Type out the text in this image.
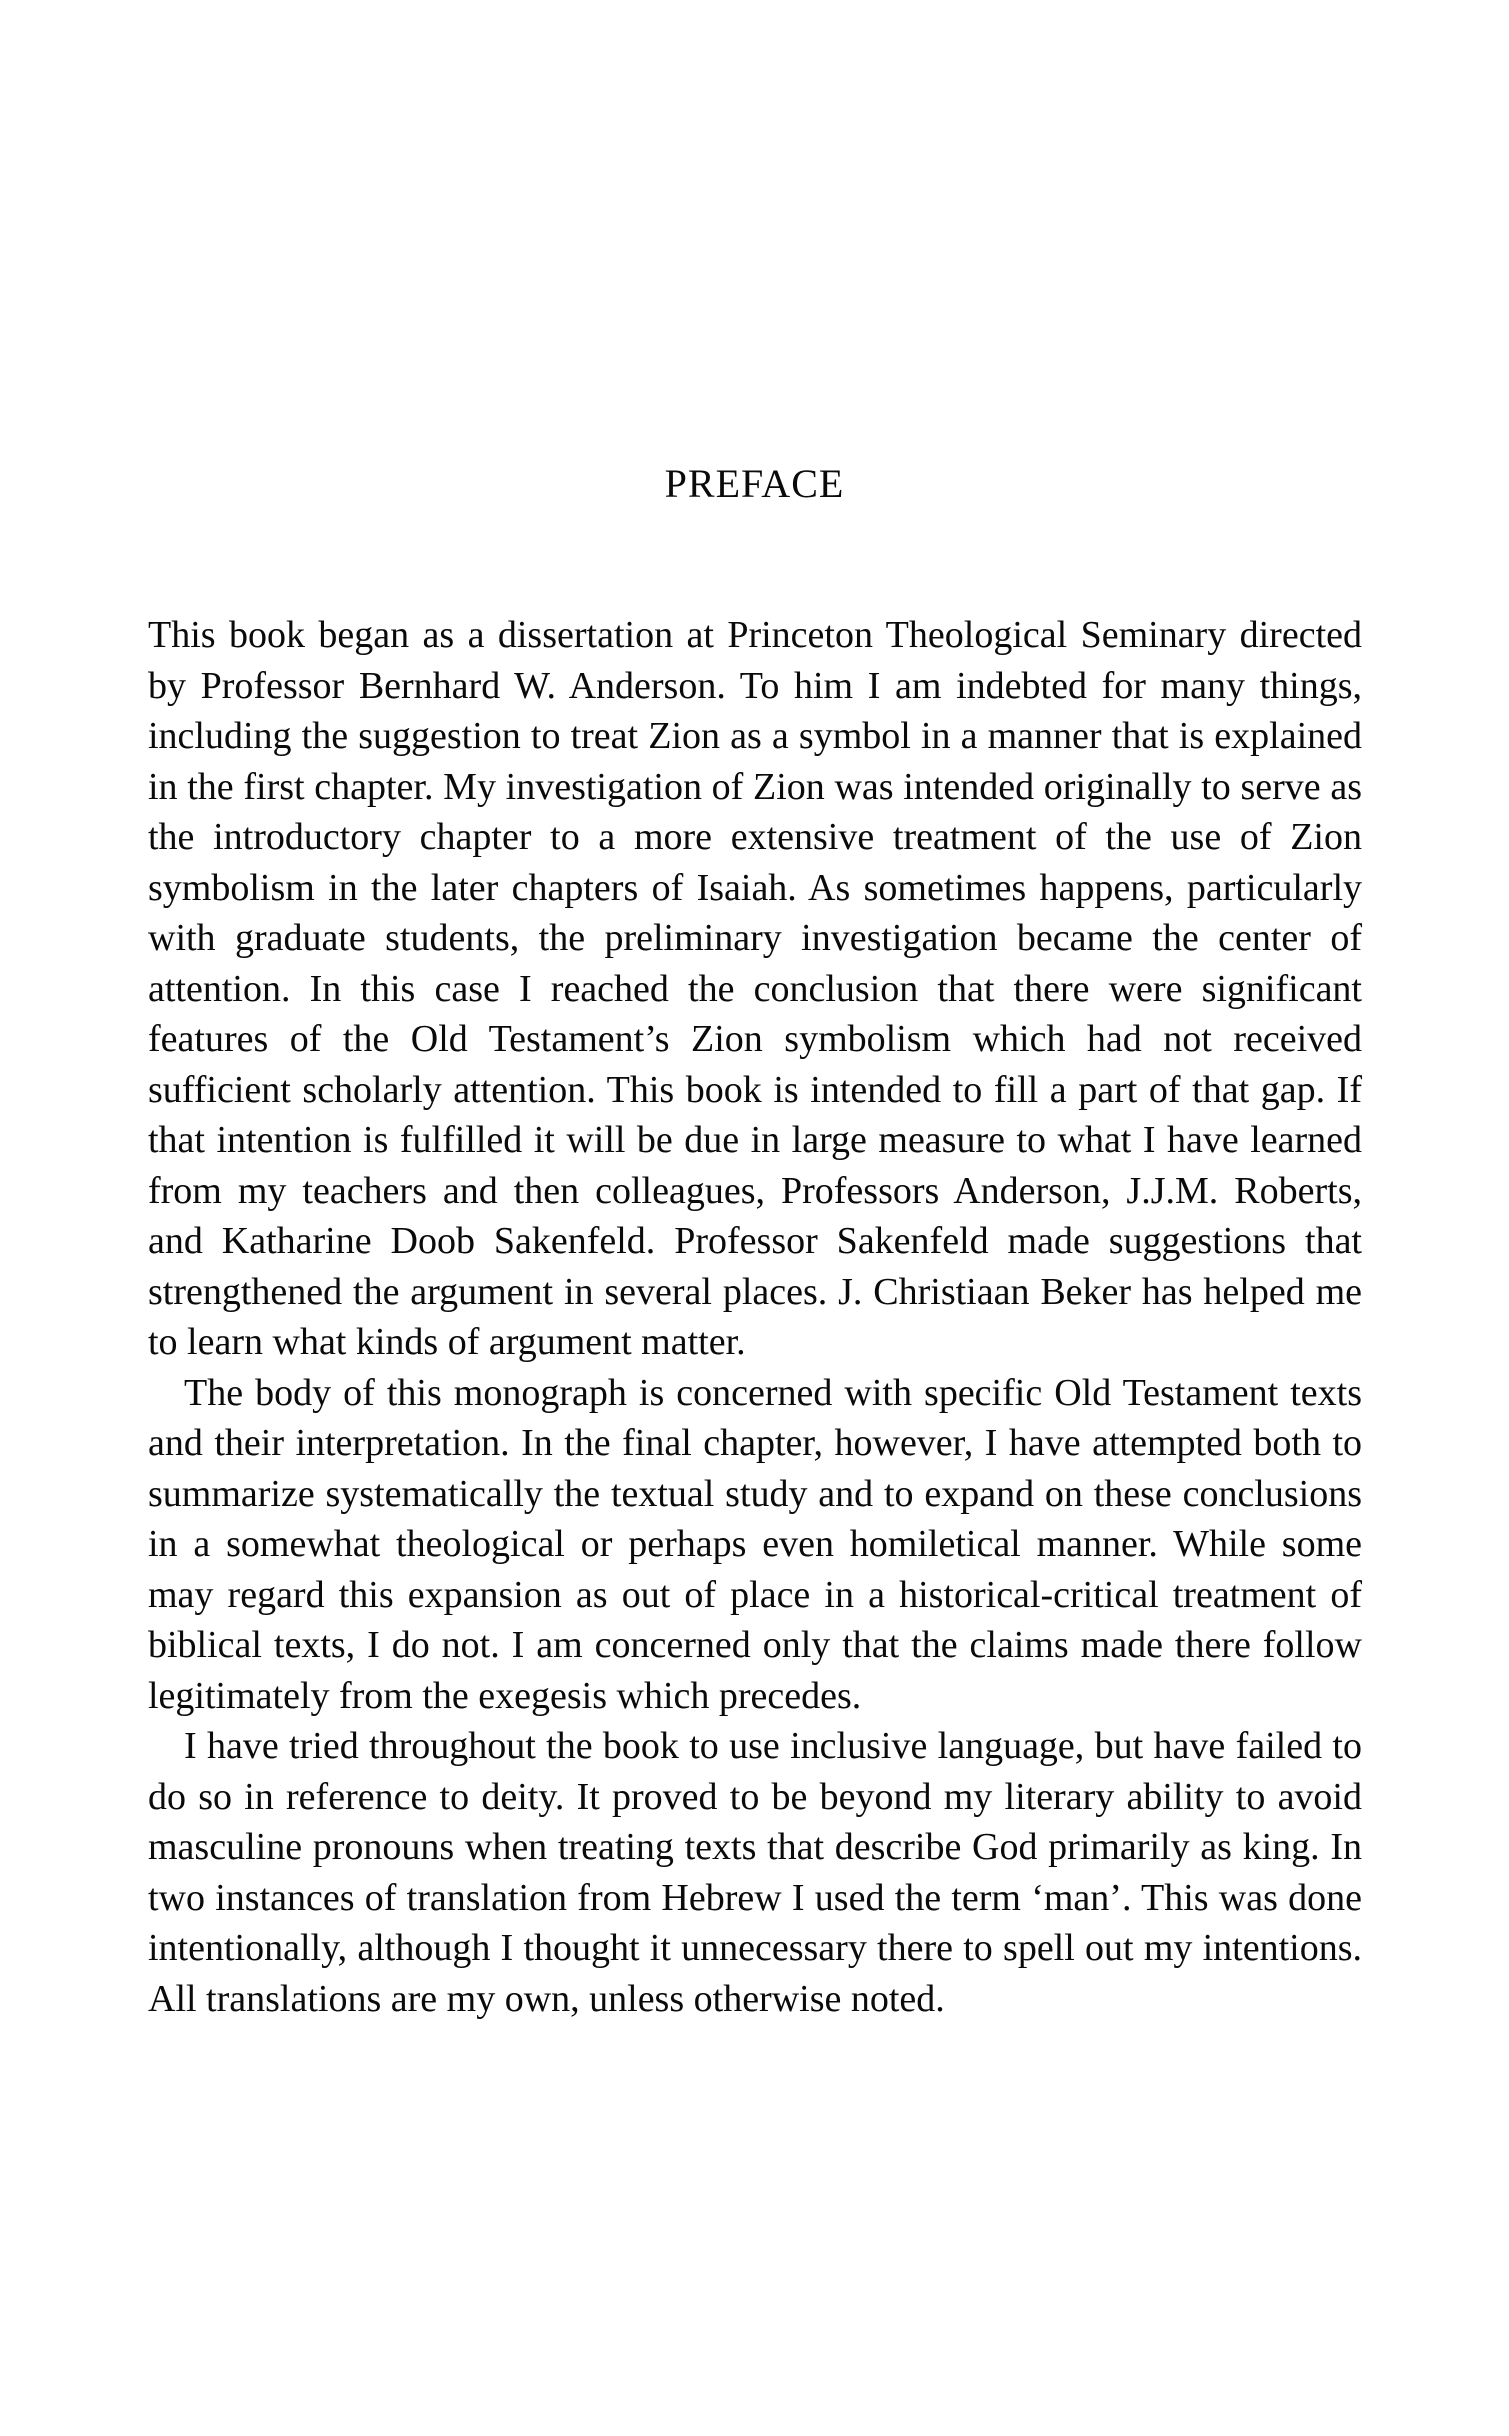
PREFACE

This book began as a dissertation at Princeton Theological Seminary directed by Professor Bernhard W. Anderson. To him I am indebted for many things, including the suggestion to treat Zion as a symbol in a manner that is explained in the first chapter. My investigation of Zion was intended originally to serve as the introductory chapter to a more extensive treatment of the use of Zion symbolism in the later chapters of Isaiah. As sometimes happens, particularly with graduate students, the preliminary investigation became the center of attention. In this case I reached the conclusion that there were significant features of the Old Testament’s Zion symbolism which had not received sufficient scholarly attention. This book is intended to fill a part of that gap. If that intention is fulfilled it will be due in large measure to what I have learned from my teachers and then colleagues, Professors Anderson, J.J.M. Roberts, and Katharine Doob Sakenfeld. Professor Sakenfeld made suggestions that strengthened the argument in several places. J. Christiaan Beker has helped me to learn what kinds of argument matter.

The body of this monograph is concerned with specific Old Testament texts and their interpretation. In the final chapter, however, I have attempted both to summarize systematically the textual study and to expand on these conclusions in a somewhat theological or perhaps even homiletical manner. While some may regard this expansion as out of place in a historical-critical treatment of biblical texts, I do not. I am concerned only that the claims made there follow legitimately from the exegesis which precedes.

I have tried throughout the book to use inclusive language, but have failed to do so in reference to deity. It proved to be beyond my literary ability to avoid masculine pronouns when treating texts that describe God primarily as king. In two instances of translation from Hebrew I used the term ‘man’. This was done intentionally, although I thought it unnecessary there to spell out my intentions. All translations are my own, unless otherwise noted.
